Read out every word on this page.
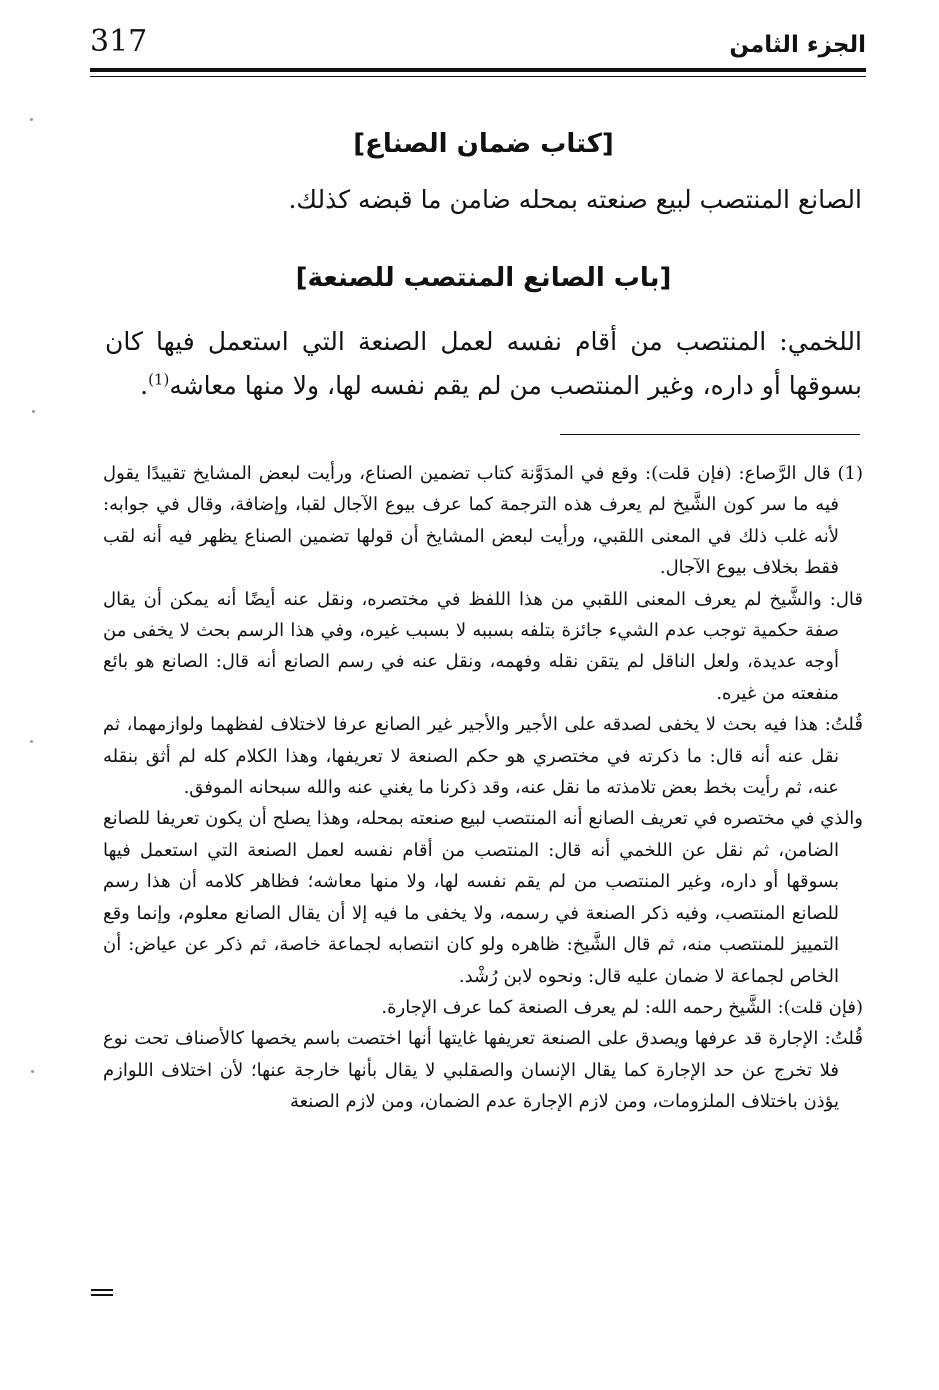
317	الجزء الثامن
[كتاب ضمان الصناع]

الصانع المنتصب لبيع صنعته بمحله ضامن ما قبضه كذلك.

[باب الصانع المنتصب للصنعة]

اللخمي: المنتصب من أقام نفسه لعمل الصنعة التي استعمل فيها كان بسوقها أو داره، وغير المنتصب من لم يقم نفسه لها، ولا منها معاشه$^{(1)}$.

(1) قال الرَّصاع: (فإن قلت): وقع في المدَوَّنة كتاب تضمين الصناع، ورأيت لبعض المشايخ تقييدًا يقول فيه ما سر كون الشَّيخ لم يعرف هذه الترجمة كما عرف بيوع الآجال لقبا، وإضافة، وقال في جوابه: لأنه غلب ذلك في المعنى اللقبي، ورأيت لبعض المشايخ أن قولها تضمين الصناع يظهر فيه أنه لقب فقط بخلاف بيوع الآجال.

قال: والشَّيخ لم يعرف المعنى اللقبي من هذا اللفظ في مختصره، ونقل عنه أيضًا أنه يمكن أن يقال صفة حكمية توجب عدم الشيء جائزة بتلفه بسببه لا بسبب غيره، وفي هذا الرسم بحث لا يخفى من أوجه عديدة، ولعل الناقل لم يتقن نقله وفهمه، ونقل عنه في رسم الصانع أنه قال: الصانع هو بائع منفعته من غيره.

قُلتُ: هذا فيه بحث لا يخفى لصدقه على الأجير والأجير غير الصانع عرفا لاختلاف لفظهما ولوازمهما، ثم نقل عنه أنه قال: ما ذكرته في مختصري هو حكم الصنعة لا تعريفها، وهذا الكلام كله لم أثق بنقله عنه، ثم رأيت بخط بعض تلامذته ما نقل عنه، وقد ذكرنا ما يغني عنه والله سبحانه الموفق.

والذي في مختصره في تعريف الصانع أنه المنتصب لبيع صنعته بمحله، وهذا يصلح أن يكون تعريفا للصانع الضامن، ثم نقل عن اللخمي أنه قال: المنتصب من أقام نفسه لعمل الصنعة التي استعمل فيها بسوقها أو داره، وغير المنتصب من لم يقم نفسه لها، ولا منها معاشه؛ فظاهر كلامه أن هذا رسم للصانع المنتصب، وفيه ذكر الصنعة في رسمه، ولا يخفى ما فيه إلا أن يقال الصانع معلوم، وإنما وقع التمييز للمنتصب منه، ثم قال الشَّيخ: ظاهره ولو كان انتصابه لجماعة خاصة، ثم ذكر عن عياض: أن الخاص لجماعة لا ضمان عليه قال: ونحوه لابن رُشْد.

(فإن قلت): الشَّيخ رحمه الله: لم يعرف الصنعة كما عرف الإجارة.

قُلتُ: الإجارة قد عرفها ويصدق على الصنعة تعريفها غايتها أنها اختصت باسم يخصها كالأصناف تحت نوع فلا تخرج عن حد الإجارة كما يقال الإنسان والصقلبي لا يقال بأنها خارجة عنها؛ لأن اختلاف اللوازم يؤذن باختلاف الملزومات، ومن لازم الإجارة عدم الضمان، ومن لازم الصنعة
